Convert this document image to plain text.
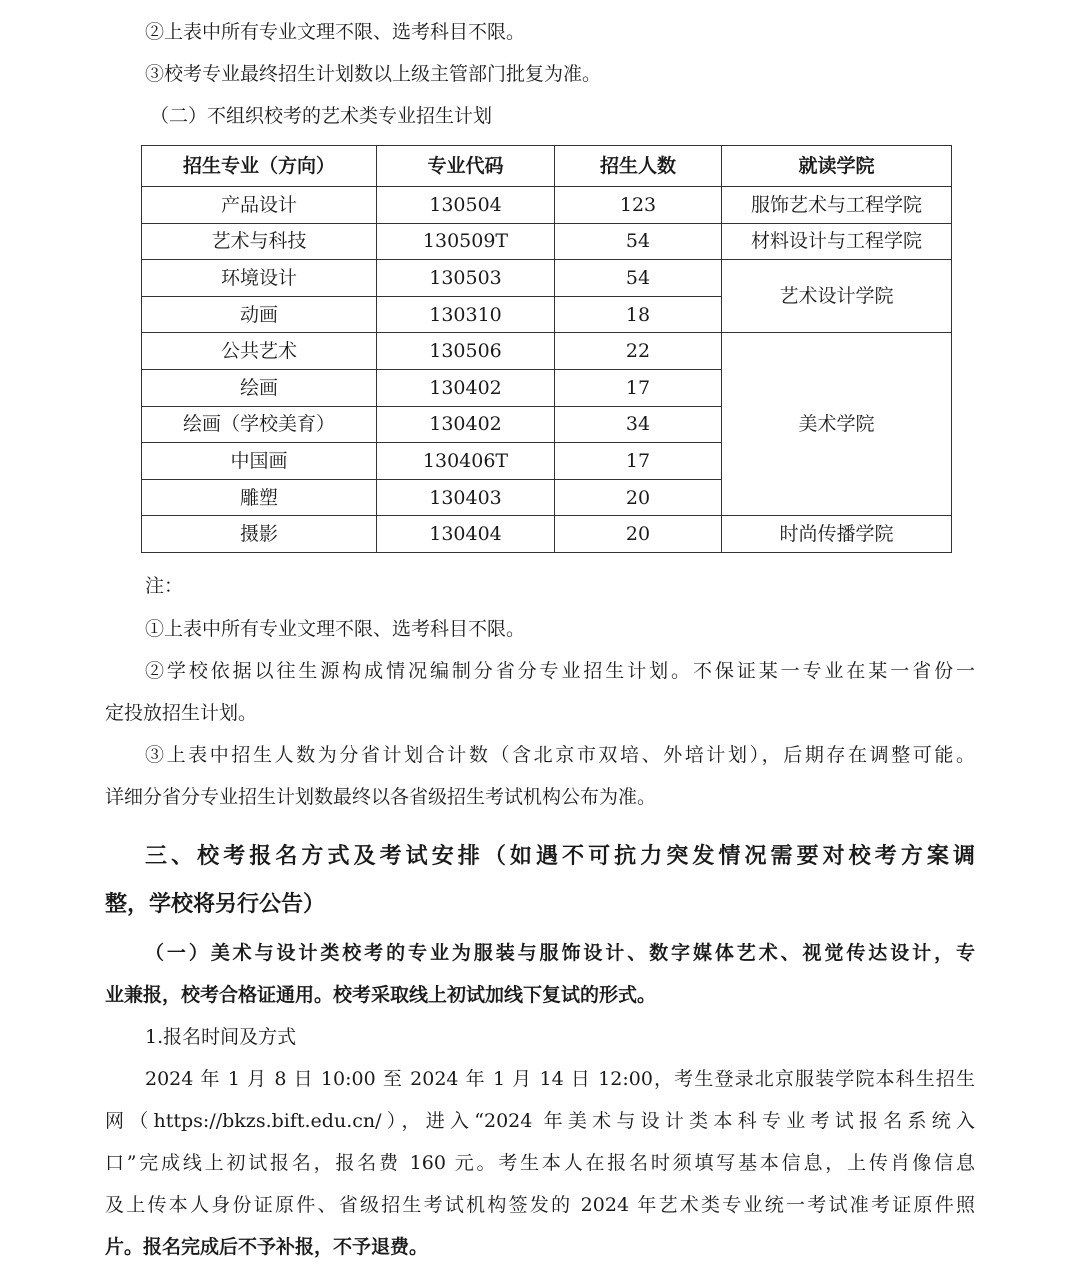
②上表中所有专业文理不限、选考科目不限。
③校考专业最终招生计划数以上级主管部门批复为准。
（二）不组织校考的艺术类专业招生计划
招生专业（方向）	专业代码	招生人数	就读学院
产品设计	130504	123	服饰艺术与工程学院
艺术与科技	130509T	54	材料设计与工程学院
环境设计	130503	54	艺术设计学院
动画	130310	18	
公共艺术	130506	22	美术学院
绘画	130402	17	
绘画（学校美育）	130402	34	
中国画	130406T	17	
雕塑	130403	20	
摄影	130404	20	时尚传播学院
注：
①上表中所有专业文理不限、选考科目不限。
②学校依据以往生源构成情况编制分省分专业招生计划。不保证某一专业在某一省份一
定投放招生计划。
③上表中招生人数为分省计划合计数（含北京市双培、外培计划），后期存在调整可能。
详细分省分专业招生计划数最终以各省级招生考试机构公布为准。
三、校考报名方式及考试安排（如遇不可抗力突发情况需要对校考方案调
整，学校将另行公告）
（一）美术与设计类校考的专业为服装与服饰设计、数字媒体艺术、视觉传达设计，专
业兼报，校考合格证通用。校考采取线上初试加线下复试的形式。
1.报名时间及方式
2024 年 1 月 8 日 10:00 至 2024 年 1 月 14 日 12:00，考生登录北京服装学院本科生招生
网（https://bkzs.bift.edu.cn/），进入“2024 年美术与设计类本科专业考试报名系统入
口”完成线上初试报名，报名费 160 元。考生本人在报名时须填写基本信息，上传肖像信息
及上传本人身份证原件、省级招生考试机构签发的 2024 年艺术类专业统一考试准考证原件照
片。报名完成后不予补报，不予退费。
